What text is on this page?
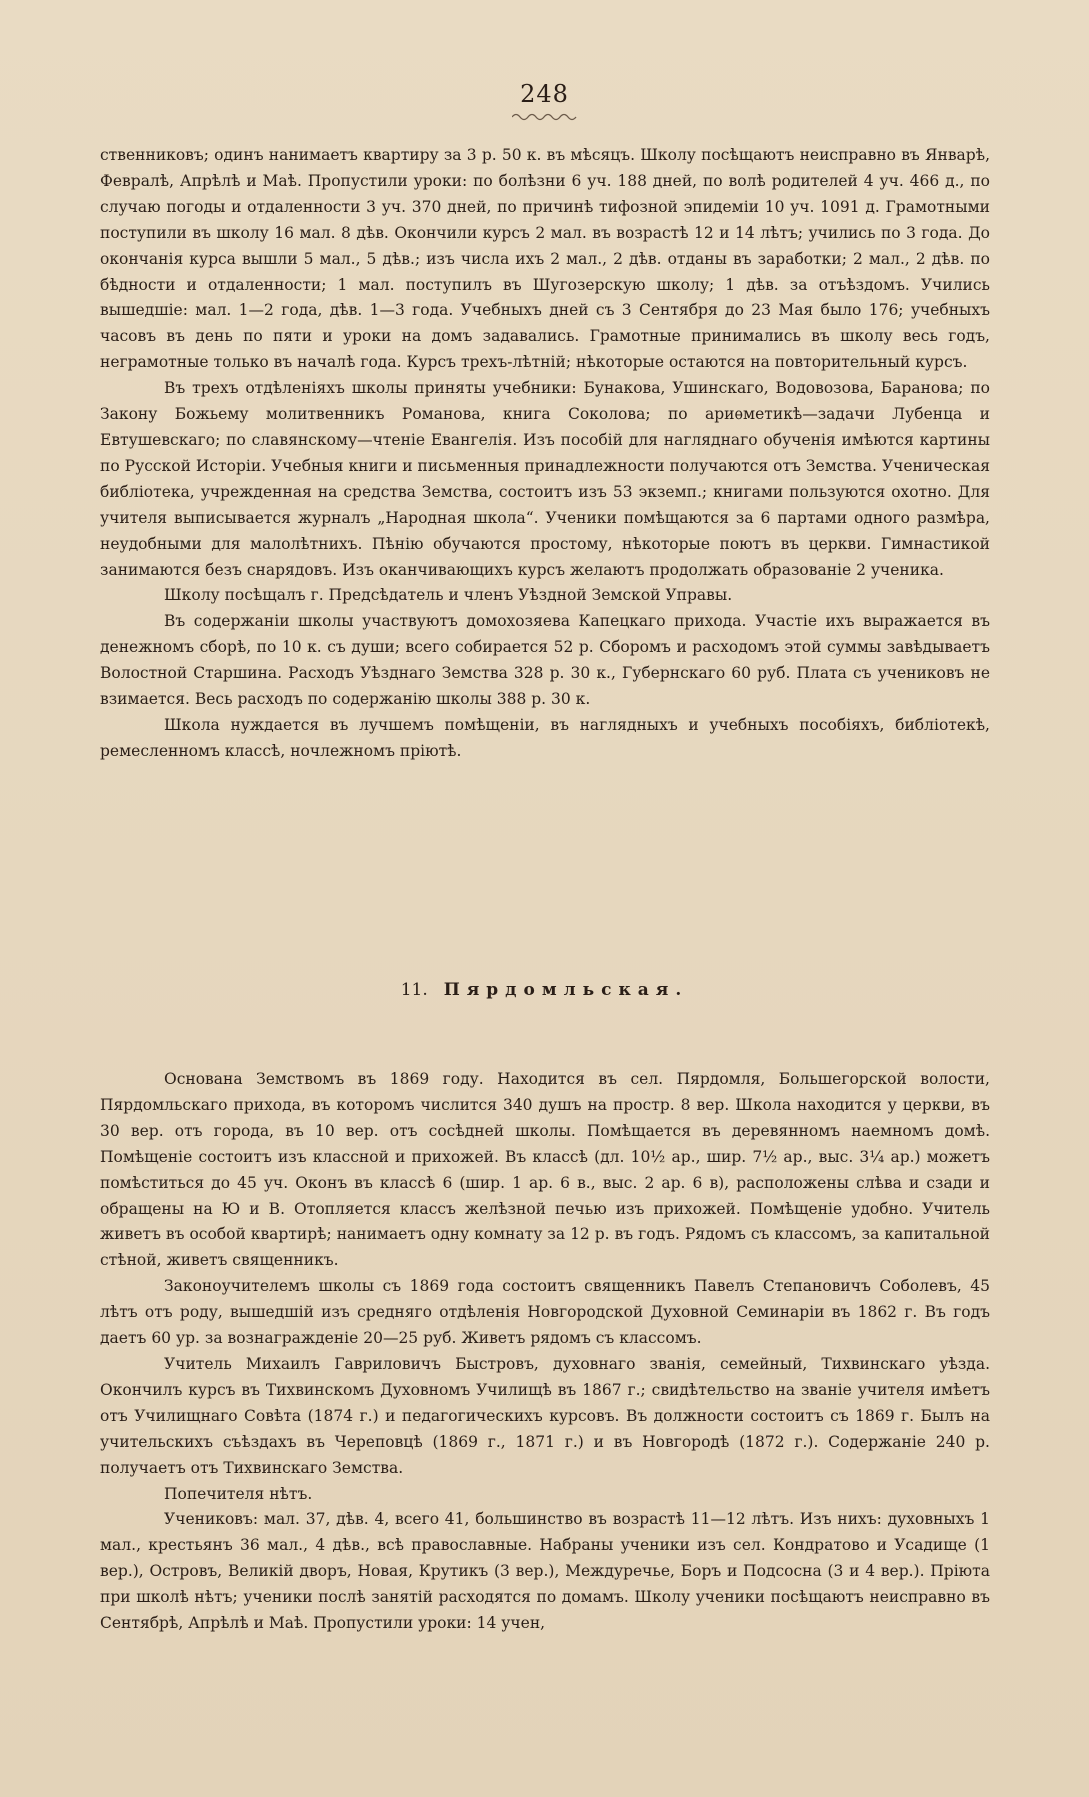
248

ственниковъ; одинъ нанимаетъ квартиру за 3 р. 50 к. въ мѣсяцъ. Школу посѣщаютъ неисправно въ Январѣ, Февралѣ, Апрѣлѣ и Маѣ. Пропустили уроки: по болѣзни 6 уч. 188 дней, по волѣ родителей 4 уч. 466 д., по случаю погоды и отдаленности 3 уч. 370 дней, по причинѣ тифозной эпидеміи 10 уч. 1091 д. Грамотными поступили въ школу 16 мал. 8 дѣв. Окончили курсъ 2 мал. въ возрастѣ 12 и 14 лѣтъ; учились по 3 года. До окончанія курса вышли 5 мал., 5 дѣв.; изъ числа ихъ 2 мал., 2 дѣв. отданы въ заработки; 2 мал., 2 дѣв. по бѣдности и отдаленности; 1 мал. поступилъ въ Шугозерскую школу; 1 дѣв. за отъѣздомъ. Учились вышедшіе: мал. 1—2 года, дѣв. 1—3 года. Учебныхъ дней съ 3 Сентября до 23 Мая было 176; учебныхъ часовъ въ день по пяти и уроки на домъ задавались. Грамотные принимались въ школу весь годъ, неграмотные только въ началѣ года. Курсъ трехъ-лѣтній; нѣкоторые остаются на повторительный курсъ.

Въ трехъ отдѣленіяхъ школы приняты учебники: Бунакова, Ушинскаго, Водовозова, Баранова; по Закону Божьему молитвенникъ Романова, книга Соколова; по ариѳметикѣ—задачи Лубенца и Евтушевскаго; по славянскому—чтеніе Евангелія. Изъ пособій для нагляднаго обученія имѣются картины по Русской Исторіи. Учебныя книги и письменныя принадлежности получаются отъ Земства. Ученическая библіотека, учрежденная на средства Земства, состоитъ изъ 53 экземп.; книгами пользуются охотно. Для учителя выписывается журналъ „Народная школа“. Ученики помѣщаются за 6 партами одного размѣра, неудобными для малолѣтнихъ. Пѣнію обучаются простому, нѣкоторые поютъ въ церкви. Гимнастикой занимаются безъ снарядовъ. Изъ оканчивающихъ курсъ желаютъ продолжать образованіе 2 ученика.

Школу посѣщалъ г. Предсѣдатель и членъ Уѣздной Земской Управы.

Въ содержаніи школы участвуютъ домохозяева Капецкаго прихода. Участіе ихъ выражается въ денежномъ сборѣ, по 10 к. съ души; всего собирается 52 р. Сборомъ и расходомъ этой суммы завѣдываетъ Волостной Старшина. Расходъ Уѣзднаго Земства 328 р. 30 к., Губернскаго 60 руб. Плата съ учениковъ не взимается. Весь расходъ по содержанію школы 388 р. 30 к.

Школа нуждается въ лучшемъ помѣщеніи, въ наглядныхъ и учебныхъ пособіяхъ, библіотекѣ, ремесленномъ классѣ, ночлежномъ пріютѣ.

11. Пярдомльская.

Основана Земствомъ въ 1869 году. Находится въ сел. Пярдомля, Большегорской волости, Пярдомльскаго прихода, въ которомъ числится 340 душъ на простр. 8 вер. Школа находится у церкви, въ 30 вер. отъ города, въ 10 вер. отъ сосѣдней школы. Помѣщается въ деревянномъ наемномъ домѣ. Помѣщеніе состоитъ изъ классной и прихожей. Въ классѣ (дл. 10½ ар., шир. 7½ ар., выс. 3¼ ар.) можетъ помѣститься до 45 уч. Оконъ въ классѣ 6 (шир. 1 ар. 6 в., выс. 2 ар. 6 в), расположены слѣва и сзади и обращены на Ю и В. Отопляется классъ желѣзной печью изъ прихожей. Помѣщеніе удобно. Учитель живетъ въ особой квартирѣ; нанимаетъ одну комнату за 12 р. въ годъ. Рядомъ съ классомъ, за капитальной стѣной, живетъ священникъ.

Законоучителемъ школы съ 1869 года состоитъ священникъ Павелъ Степановичъ Соболевъ, 45 лѣтъ отъ роду, вышедшій изъ средняго отдѣленія Новгородской Духовной Семинаріи въ 1862 г. Въ годъ даетъ 60 ур. за вознагражденіе 20—25 руб. Живетъ рядомъ съ классомъ.

Учитель Михаилъ Гавриловичъ Быстровъ, духовнаго званія, семейный, Тихвинскаго уѣзда. Окончилъ курсъ въ Тихвинскомъ Духовномъ Училищѣ въ 1867 г.; свидѣтельство на званіе учителя имѣетъ отъ Училищнаго Совѣта (1874 г.) и педагогическихъ курсовъ. Въ должности состоитъ съ 1869 г. Былъ на учительскихъ съѣздахъ въ Череповцѣ (1869 г., 1871 г.) и въ Новгородѣ (1872 г.). Содержаніе 240 р. получаетъ отъ Тихвинскаго Земства.

Попечителя нѣтъ.

Учениковъ: мал. 37, дѣв. 4, всего 41, большинство въ возрастѣ 11—12 лѣтъ. Изъ нихъ: духовныхъ 1 мал., крестьянъ 36 мал., 4 дѣв., всѣ православные. Набраны ученики изъ сел. Кондратово и Усадище (1 вер.), Островъ, Великій дворъ, Новая, Крутикъ (3 вер.), Междуречье, Боръ и Подсосна (3 и 4 вер.). Пріюта при школѣ нѣтъ; ученики послѣ занятій расходятся по домамъ. Школу ученики посѣщаютъ неисправно въ Сентябрѣ, Апрѣлѣ и Маѣ. Пропустили уроки: 14 учен,
